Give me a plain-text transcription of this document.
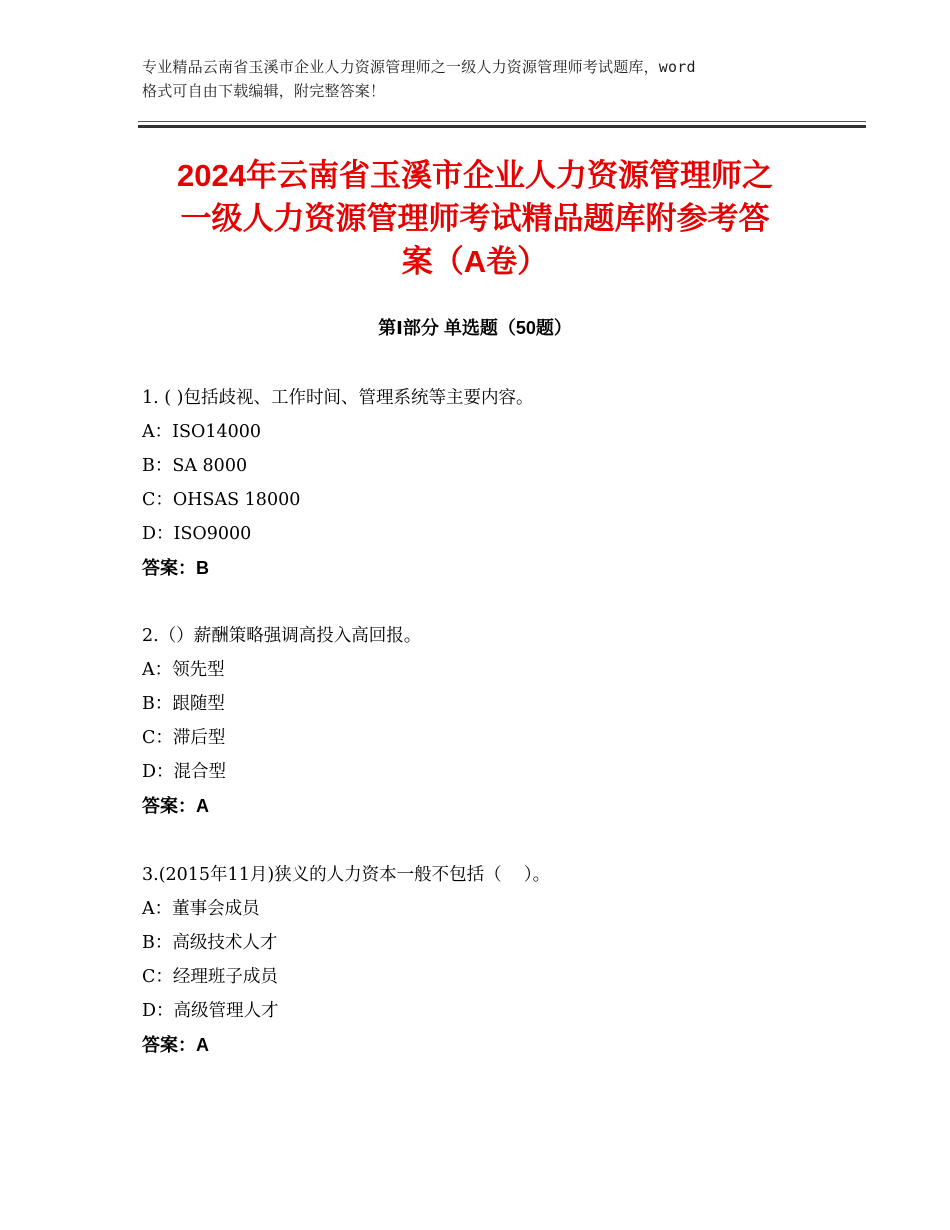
专业精品云南省玉溪市企业人力资源管理师之一级人力资源管理师考试题库，word
格式可自由下载编辑，附完整答案！
2024年云南省玉溪市企业人力资源管理师之
一级人力资源管理师考试精品题库附参考答
案（A卷）
第Ⅰ部分 单选题（50题）
1. ( )包括歧视、工作时间、管理系统等主要内容。
A：ISO14000
B：SA 8000
C：OHSAS 18000
D：ISO9000
答案：B
2.（）薪酬策略强调高投入高回报。
A：领先型
B：跟随型
C：滞后型
D：混合型
答案：A
3.(2015年11月)狭义的人力资本一般不包括（    ）。
A：董事会成员
B：高级技术人才
C：经理班子成员
D：高级管理人才
答案：A
